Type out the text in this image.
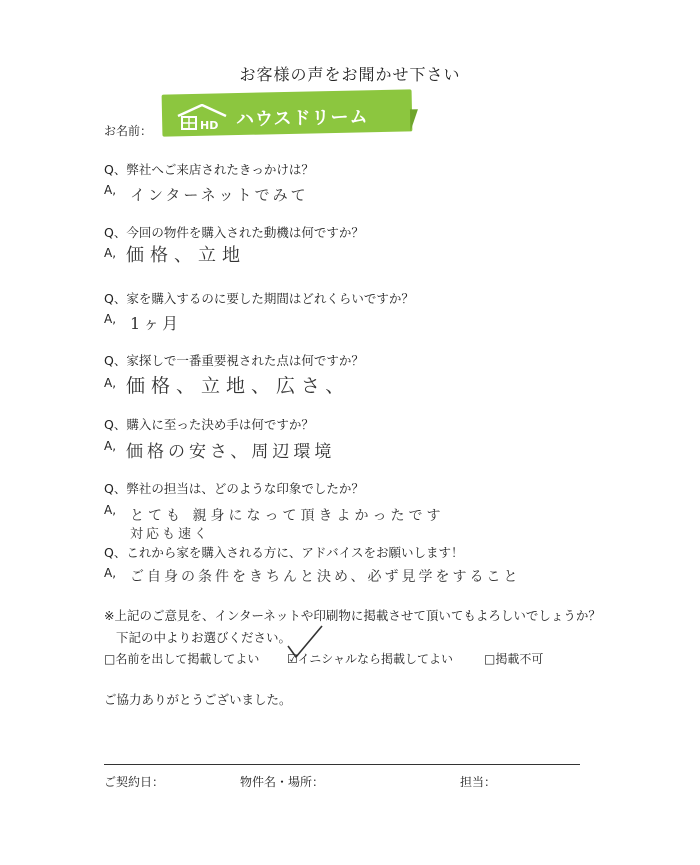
お客様の声をお聞かせ下さい
お名前：	HD ハウスドリーム
Q、弊社へご来店されたきっかけは？
A, インターネットでみて
Q、今回の物件を購入された動機は何ですか？
A, 価格、立地
Q、家を購入するのに要した期間はどれくらいですか？
A, 1ヶ月
Q、家探しで一番重要視された点は何ですか？
A, 価格、立地、広さ、
Q、購入に至った決め手は何ですか？
A, 価格の安さ、周辺環境
Q、弊社の担当は、どのような印象でしたか？
A, とても 親身になって頂きよかったです
対応も速く
Q、これから家を購入される方に、アドバイスをお願いします！
A, ご自身の条件をきちんと決め、必ず見学をすること
※上記のご意見を、インターネットや印刷物に掲載させて頂いてもよろしいでしょうか？
下記の中よりお選びください。
□名前を出して掲載してよい ☑イニシャルなら掲載してよい	□掲載不可
ご協力ありがとうございました。
ご契約日：	物件名・場所：	担当：
